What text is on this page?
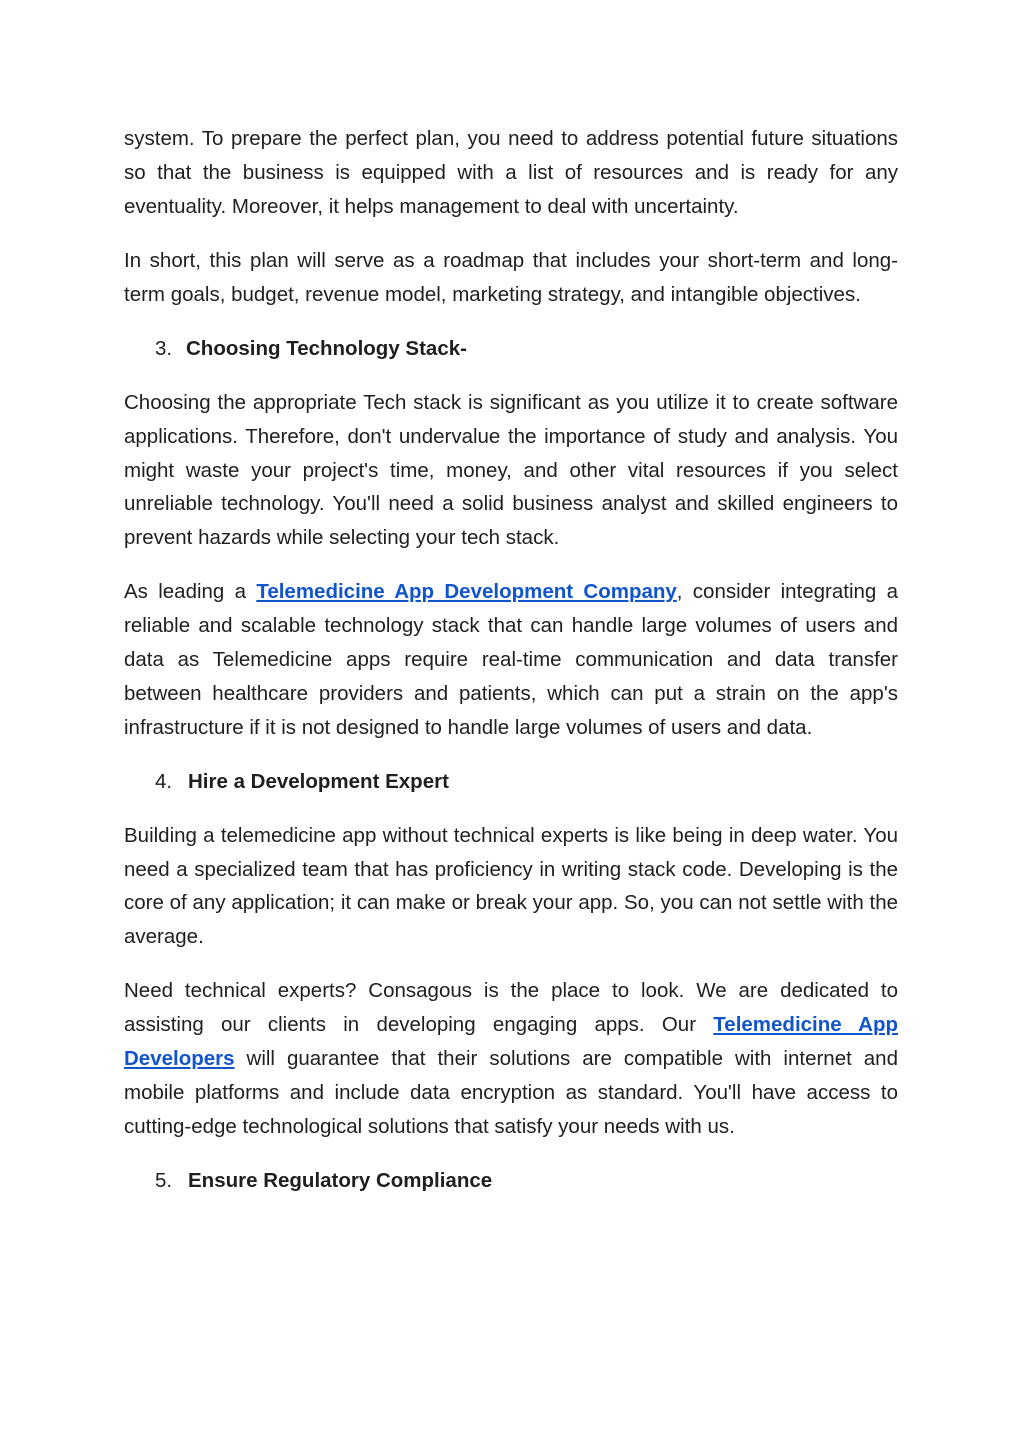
system. To prepare the perfect plan, you need to address potential future situations so that the business is equipped with a list of resources and is ready for any eventuality. Moreover, it helps management to deal with uncertainty.

In short, this plan will serve as a roadmap that includes your short-term and long-term goals, budget, revenue model, marketing strategy, and intangible objectives.

3. Choosing Technology Stack-

Choosing the appropriate Tech stack is significant as you utilize it to create software applications. Therefore, don't undervalue the importance of study and analysis. You might waste your project's time, money, and other vital resources if you select unreliable technology. You'll need a solid business analyst and skilled engineers to prevent hazards while selecting your tech stack.

As leading a Telemedicine App Development Company, consider integrating a reliable and scalable technology stack that can handle large volumes of users and data as Telemedicine apps require real-time communication and data transfer between healthcare providers and patients, which can put a strain on the app's infrastructure if it is not designed to handle large volumes of users and data.

4. Hire a Development Expert

Building a telemedicine app without technical experts is like being in deep water. You need a specialized team that has proficiency in writing stack code. Developing is the core of any application; it can make or break your app. So, you can not settle with the average.

Need technical experts? Consagous is the place to look. We are dedicated to assisting our clients in developing engaging apps. Our Telemedicine App Developers will guarantee that their solutions are compatible with internet and mobile platforms and include data encryption as standard. You'll have access to cutting-edge technological solutions that satisfy your needs with us.

5. Ensure Regulatory Compliance
